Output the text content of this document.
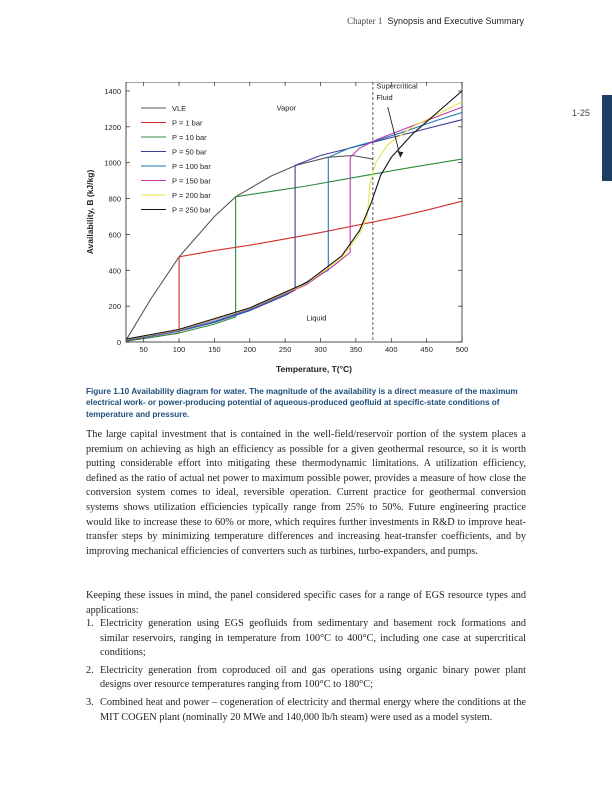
Chapter 1 Synopsis and Executive Summary
1-25
50	100	150	200	250	300	350	400	450	500
0
200
400
600
800
1000
1200
1400
Temperature, T(°C)
Availability, B (kJ/kg)
Vapor
Liquid
Supercritical
Fluid
VLE
P = 1 bar
P = 10 bar
P = 50 bar
P = 100 bar
P = 150 bar
P = 200 bar
P = 250 bar
Figure 1.10 Availability diagram for water. The magnitude of the availability is a direct measure of the maximum electrical work- or power-producing potential of aqueous-produced geofluid at specific-state conditions of temperature and pressure.

The large capital investment that is contained in the well-field/reservoir portion of the system places a premium on achieving as high an efficiency as possible for a given geothermal resource, so it is worth putting considerable effort into mitigating these thermodynamic limitations. A utilization efficiency, defined as the ratio of actual net power to maximum possible power, provides a measure of how close the conversion system comes to ideal, reversible operation. Current practice for geothermal conversion systems shows utilization efficiencies typically range from 25% to 50%. Future engineering practice would like to increase these to 60% or more, which requires further investments in R&D to improve heat-transfer steps by minimizing temperature differences and increasing heat-transfer coefficients, and by improving mechanical efficiencies of converters such as turbines, turbo-expanders, and pumps.

Keeping these issues in mind, the panel considered specific cases for a range of EGS resource types and applications:

1. Electricity generation using EGS geofluids from sedimentary and basement rock formations and similar reservoirs, ranging in temperature from 100°C to 400°C, including one case at supercritical conditions;
2. Electricity generation from coproduced oil and gas operations using organic binary power plant designs over resource temperatures ranging from 100°C to 180°C;
3. Combined heat and power – cogeneration of electricity and thermal energy where the conditions at the MIT COGEN plant (nominally 20 MWe and 140,000 lb/h steam) were used as a model system.
